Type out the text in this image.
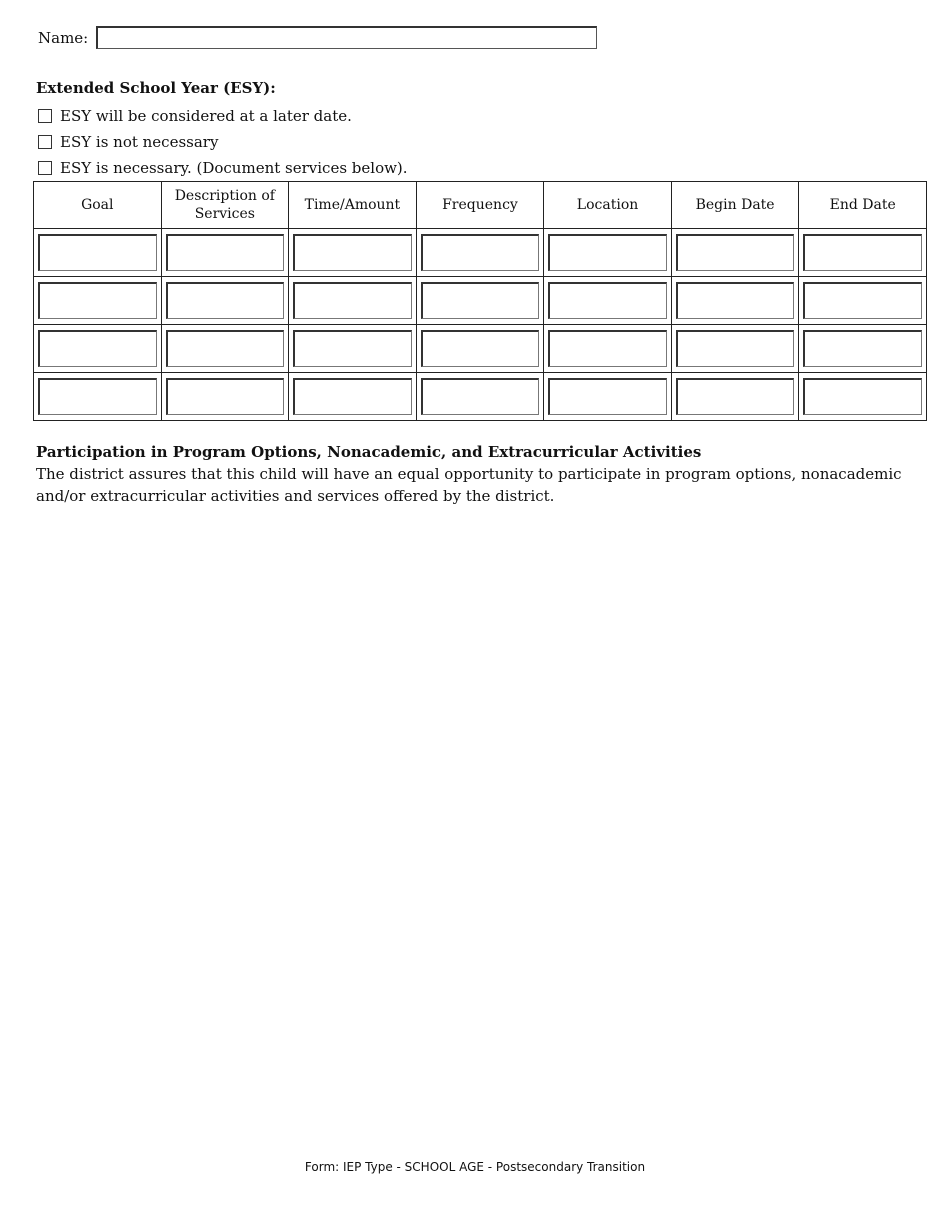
Name:
Extended School Year (ESY):
ESY will be considered at a later date.
ESY is not necessary
ESY is necessary. (Document services below).
Goal	Description of Services	Time/Amount	Frequency	Location	Begin Date	End Date

Participation in Program Options, Nonacademic, and Extracurricular Activities
The district assures that this child will have an equal opportunity to participate in program options, nonacademic and/or extracurricular activities and services offered by the district.
Form: IEP Type - SCHOOL AGE - Postsecondary Transition
